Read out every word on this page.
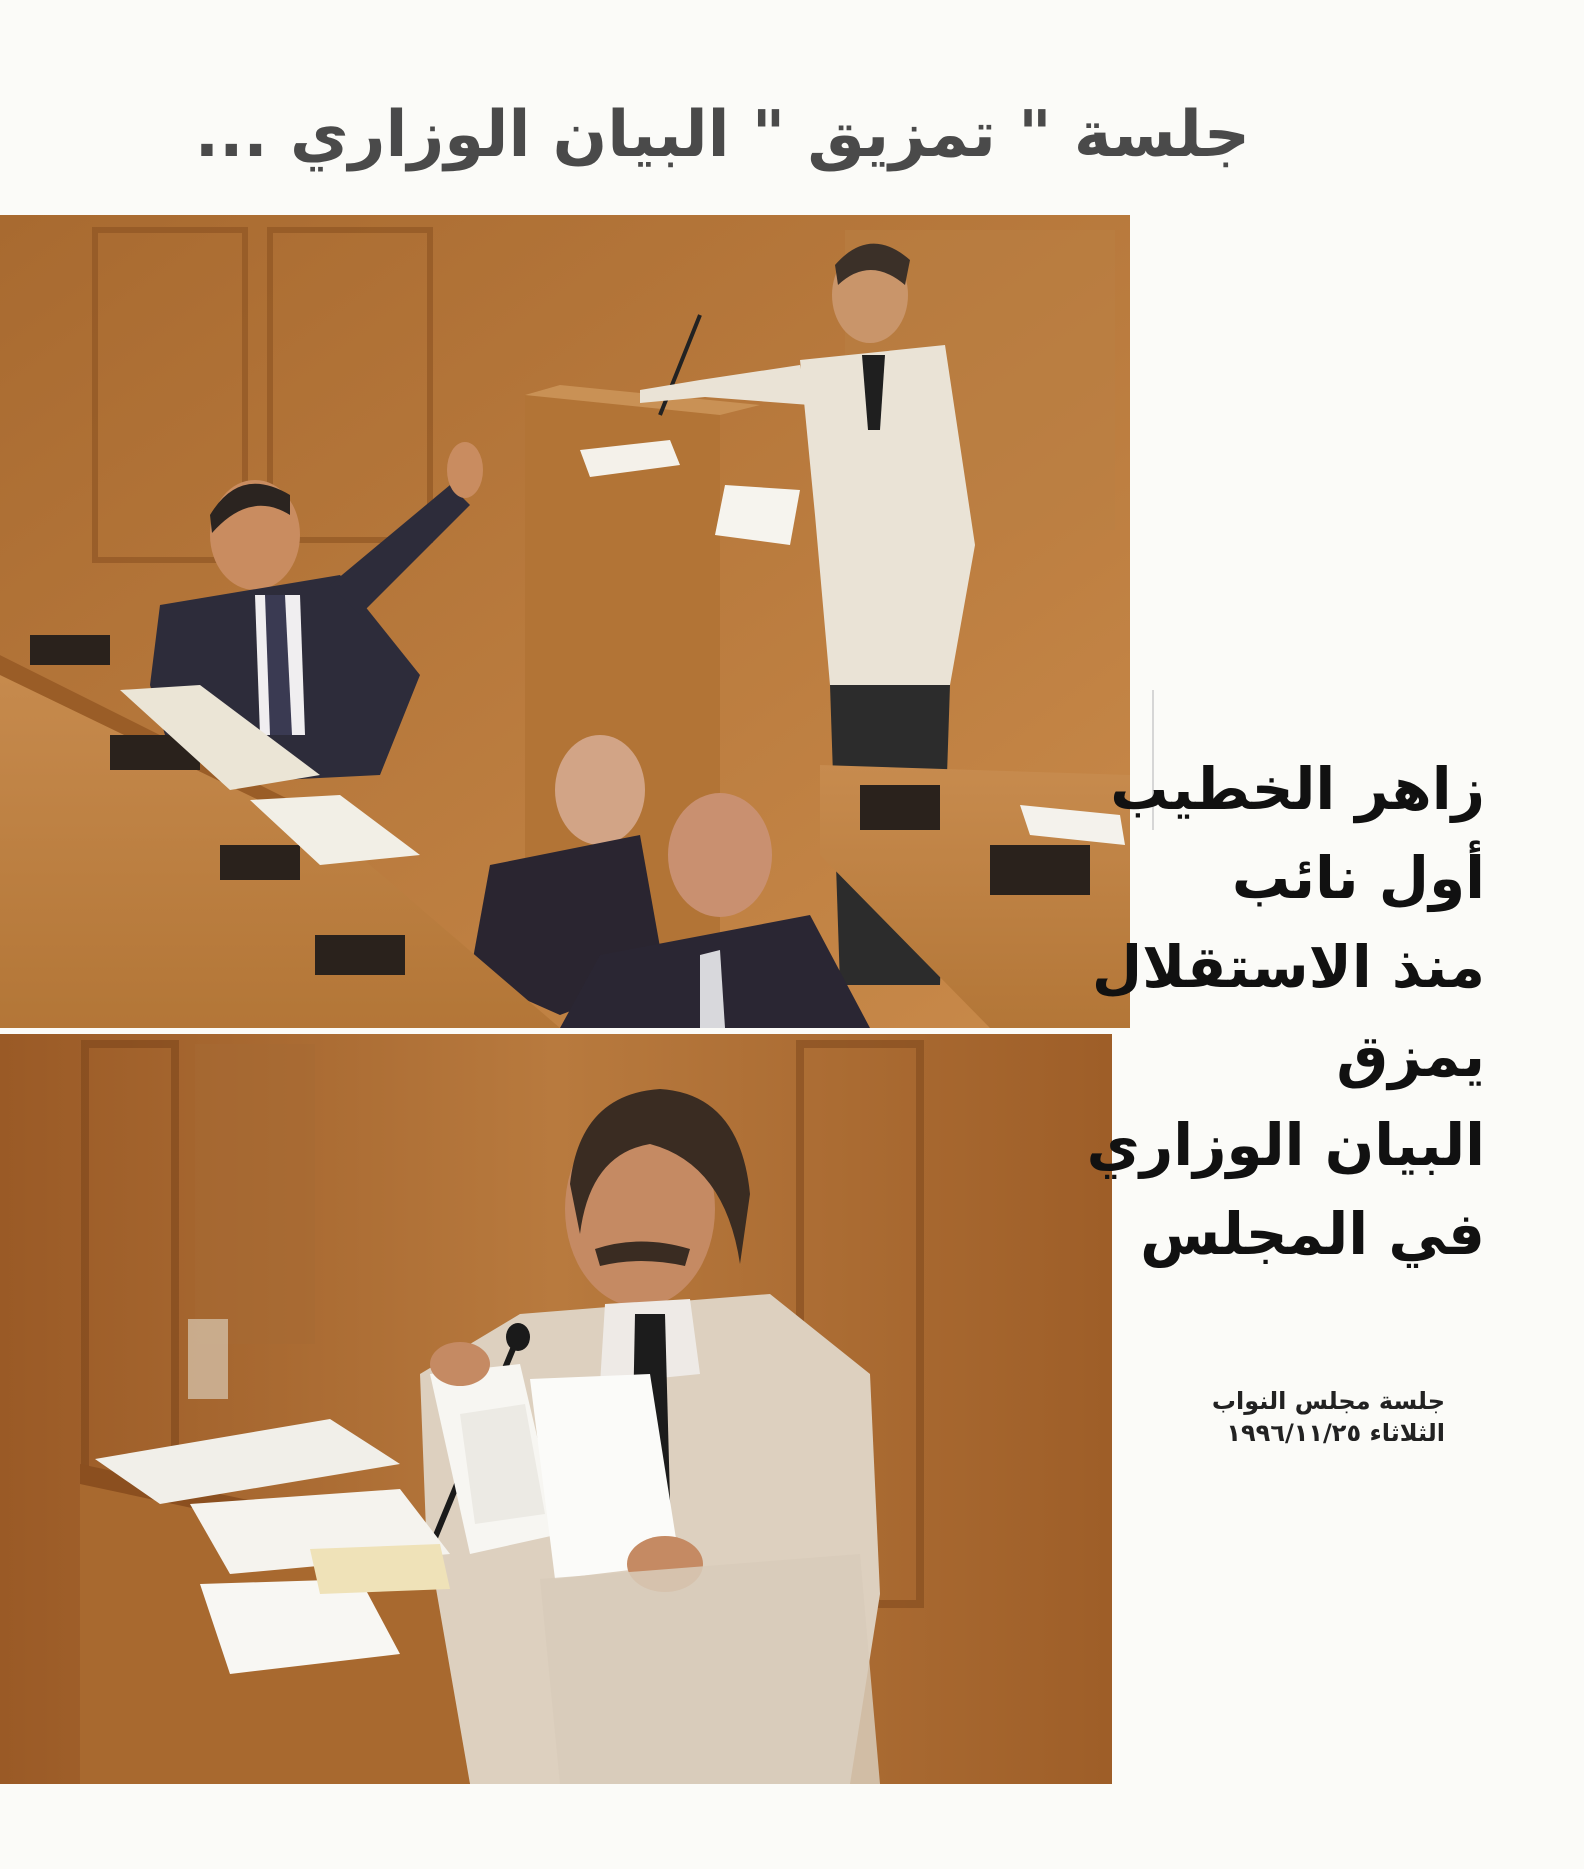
جلسة " تمزيق " البيان الوزاري ...
زاهر الخطيب
أول نائب
منذ الاستقلال
يمزق
البيان الوزاري
في المجلس
جلسة مجلس النواب
الثلاثاء ١٩٩٦/١١/٢٥
